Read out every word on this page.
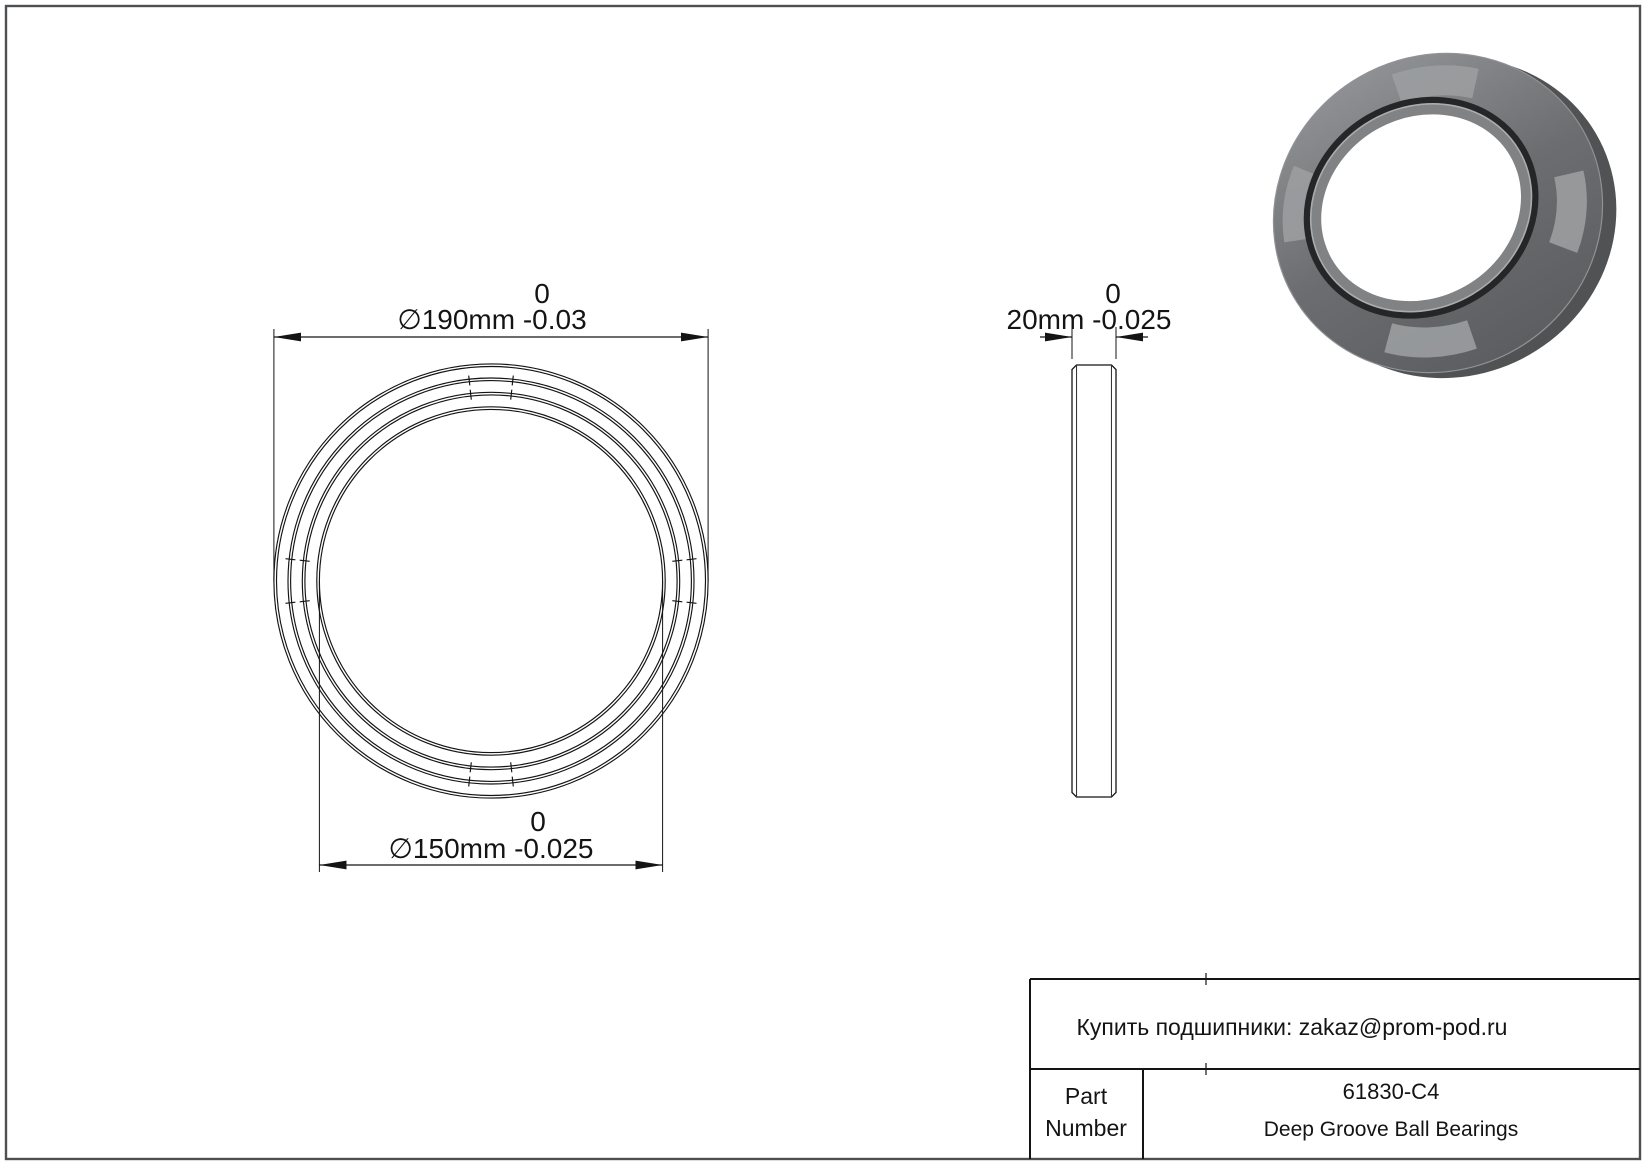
0
∅190mm -0.03
0
∅150mm -0.025
0
20mm -0.025
Купить подшипники: zakaz@prom-pod.ru
Part
Number
61830-C4
Deep Groove Ball Bearings
